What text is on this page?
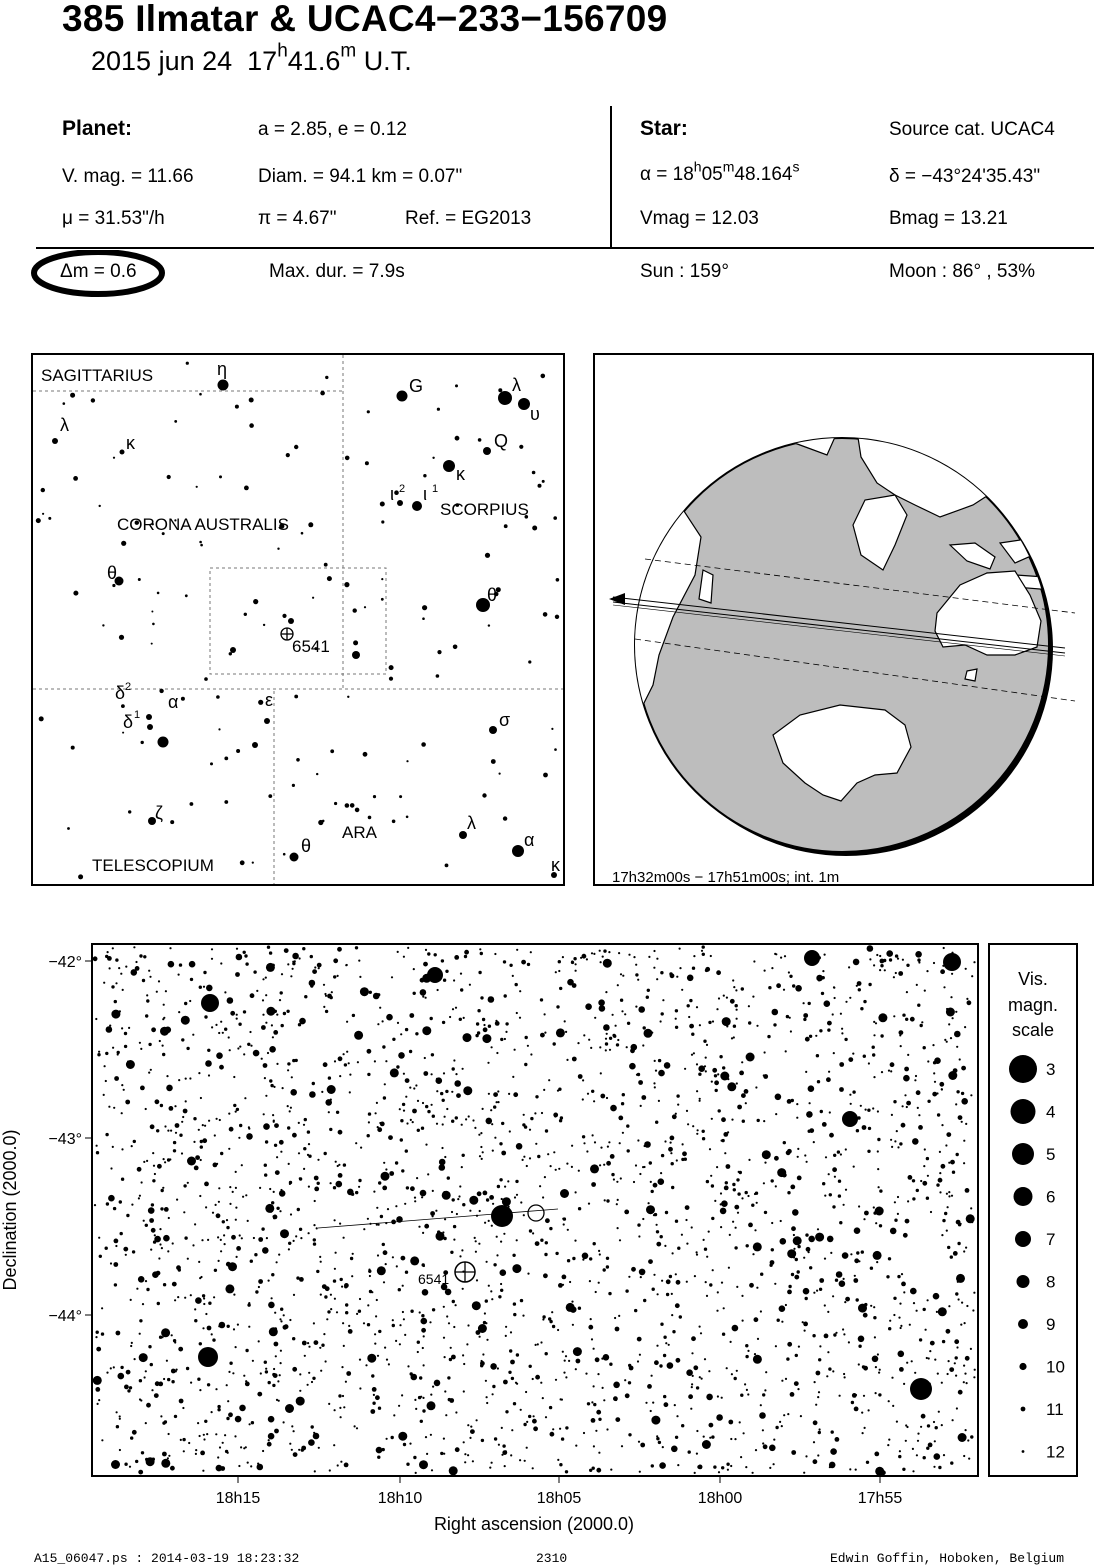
385 Ilmatar & UCAC4−233−156709
2015 jun 24 17$^h$41.6$^m$ U.T.
Planet:	a = 2.85, e = 0.12
V. mag. = 11.66	Diam. = 94.1 km = 0.07"
μ = 31.53"/h	π = 4.67"	Ref. = EG2013
Star:	Source cat. UCAC4
$\alpha = 18^h05^m48.164^s$	δ = −43°24'35.43"
Vmag = 12.03	Bmag = 13.21
Δm = 0.6	Max. dur. = 7.9s	Sun : 159°	Moon : 86° , 53%
SAGITTARIUS
CORONA AUSTRALIS
SCORPIUS
TELESCOPIUM
ARA
η
λ
κ
θ
δ
δ
α	ε
ζ
θ
G	λ
υ
Q
κ
ι ι
θ
σ
λ
α
κ
2
1
2 1
6541
17h32m00s − 17h51m00s; int. 1m
6541
−42°
−43°
−44°
18h15	18h10	18h05	18h00	17h55
Right ascension (2000.0)
Declination (2000.0)
Vis.
magn.
scale
3
4
5
6
7
8
9
10
11
12
A15_06047.ps : 2014-03-19 18:23:32	2310	Edwin Goffin, Hoboken, Belgium
